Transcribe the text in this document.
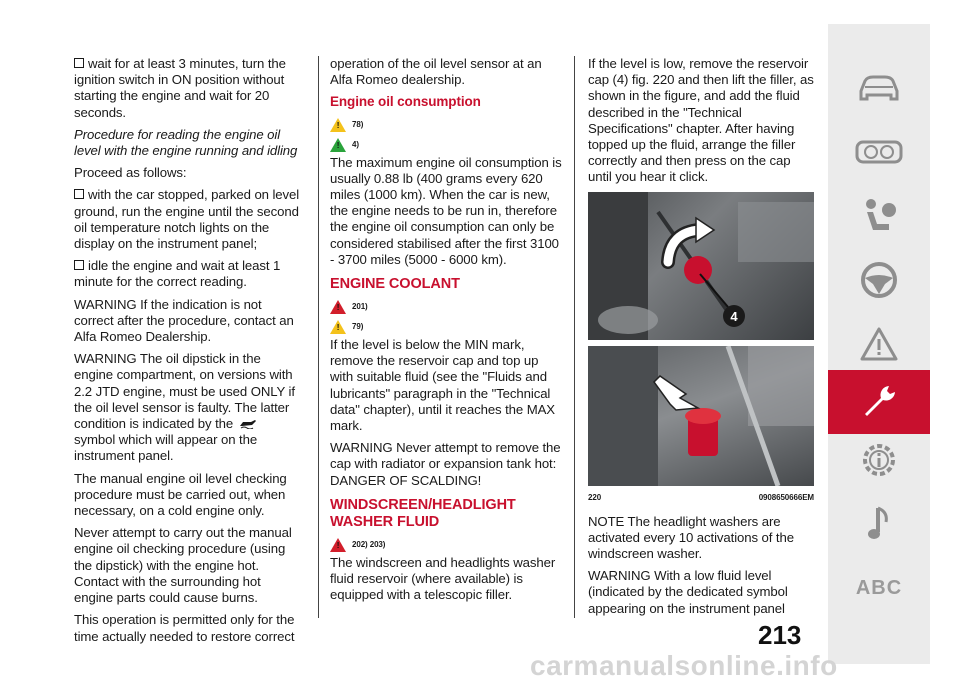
wait for at least 3 minutes, turn the ignition switch in ON position without starting the engine and wait for 20 seconds.

Procedure for reading the engine oil level with the engine running and idling

Proceed as follows:

with the car stopped, parked on level ground, run the engine until the second oil temperature notch lights on the display on the instrument panel;

idle the engine and wait at least 1 minute for the correct reading.

WARNING If the indication is not correct after the procedure, contact an Alfa Romeo Dealership.

WARNING The oil dipstick in the engine compartment, on versions with 2.2 JTD engine, must be used ONLY if the oil level sensor is faulty. The latter condition is indicated by the  symbol which will appear on the instrument panel.

The manual engine oil level checking procedure must be carried out, when necessary, on a cold engine only.

Never attempt to carry out the manual engine oil checking procedure (using the dipstick) with the engine hot. Contact with the surrounding hot engine parts could cause burns.

This operation is permitted only for the time actually needed to restore correct

operation of the oil level sensor at an Alfa Romeo dealership.

Engine oil consumption
!	78)
!	4)

The maximum engine oil consumption is usually 0.88 lb (400 grams every 620 miles (1000 km). When the car is new, the engine needs to be run in, therefore the engine oil consumption can only be considered stabilised after the first 3100 - 3700 miles (5000 - 6000 km).

ENGINE COOLANT
!	201)
!	79)

If the level is below the MIN mark, remove the reservoir cap and top up with suitable fluid (see the "Fluids and lubricants" paragraph in the "Technical data" chapter), until it reaches the MAX mark.

WARNING Never attempt to remove the cap with radiator or expansion tank hot: DANGER OF SCALDING!

WINDSCREEN/HEADLIGHT WASHER FLUID
!	202) 203)

The windscreen and headlights washer fluid reservoir (where available) is equipped with a telescopic filler.

If the level is low, remove the reservoir cap (4) fig. 220 and then lift the filler, as shown in the figure, and add the fluid described in the "Technical Specifications" chapter. After having topped up the fluid, arrange the filler correctly and then press on the cap until you hear it click.

4
220	0908650666EM

NOTE The headlight washers are activated every 10 activations of the windscreen washer.

WARNING With a low fluid level (indicated by the dedicated symbol appearing on the instrument panel

ABC
213
carmanualsonline.info
